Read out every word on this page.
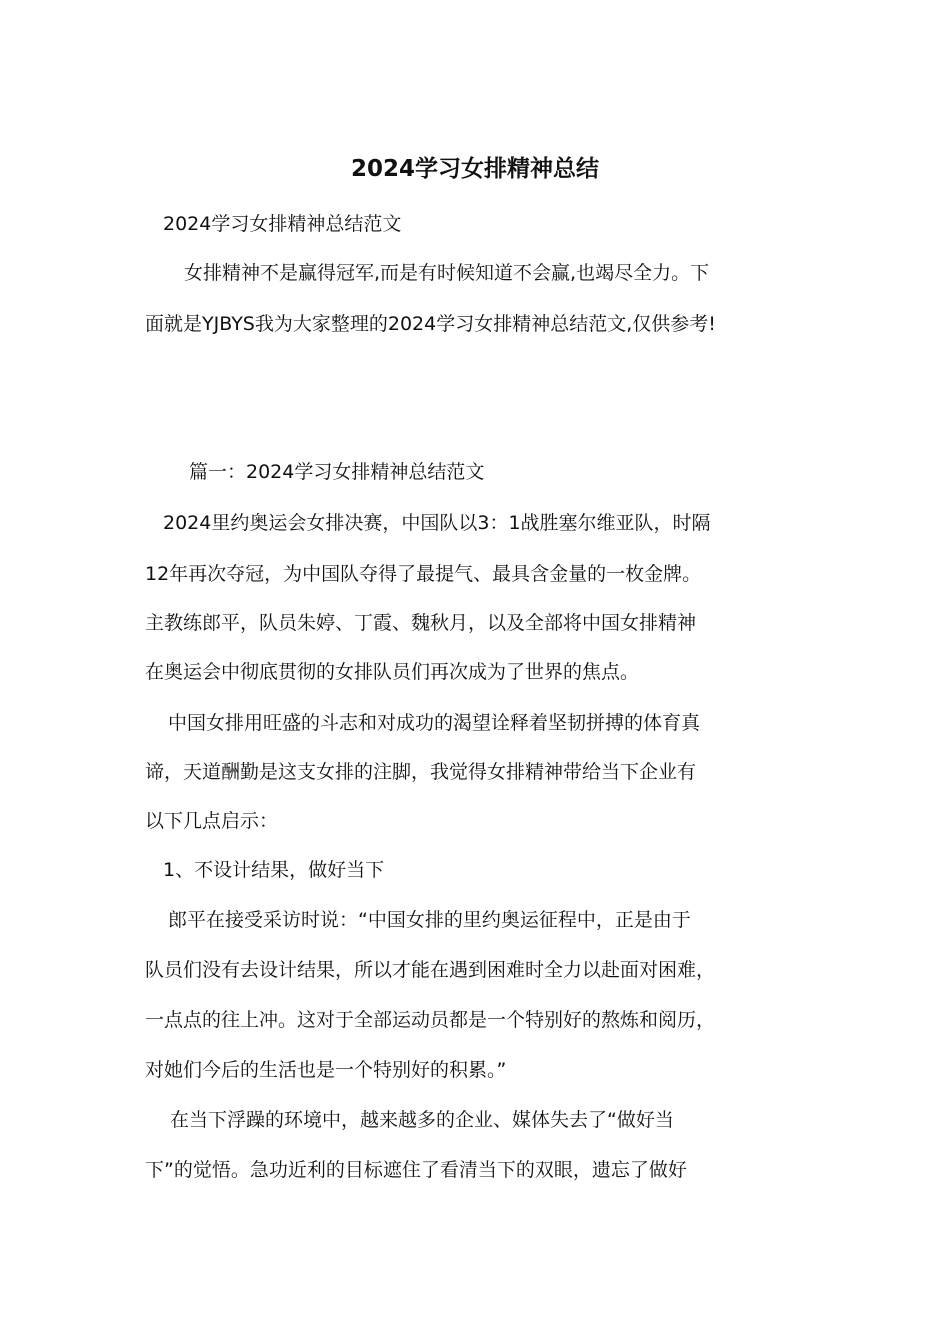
2024学习女排精神总结
2024学习女排精神总结范文
女排精神不是赢得冠军,而是有时候知道不会赢,也竭尽全力。下
面就是YJBYS我为大家整理的2024学习女排精神总结范文,仅供参考!
篇一：2024学习女排精神总结范文
2024里约奥运会女排决赛，中国队以3：1战胜塞尔维亚队，时隔
12年再次夺冠，为中国队夺得了最提气、最具含金量的一枚金牌。
主教练郎平，队员朱婷、丁霞、魏秋月，以及全部将中国女排精神
在奥运会中彻底贯彻的女排队员们再次成为了世界的焦点。
中国女排用旺盛的斗志和对成功的渴望诠释着坚韧拼搏的体育真
谛，天道酬勤是这支女排的注脚，我觉得女排精神带给当下企业有
以下几点启示：
1、不设计结果，做好当下
郎平在接受采访时说：“中国女排的里约奥运征程中，正是由于
队员们没有去设计结果，所以才能在遇到困难时全力以赴面对困难，
一点点的往上冲。这对于全部运动员都是一个特别好的熬炼和阅历，
对她们今后的生活也是一个特别好的积累。”
在当下浮躁的环境中，越来越多的企业、媒体失去了“做好当
下”的觉悟。急功近利的目标遮住了看清当下的双眼，遗忘了做好
